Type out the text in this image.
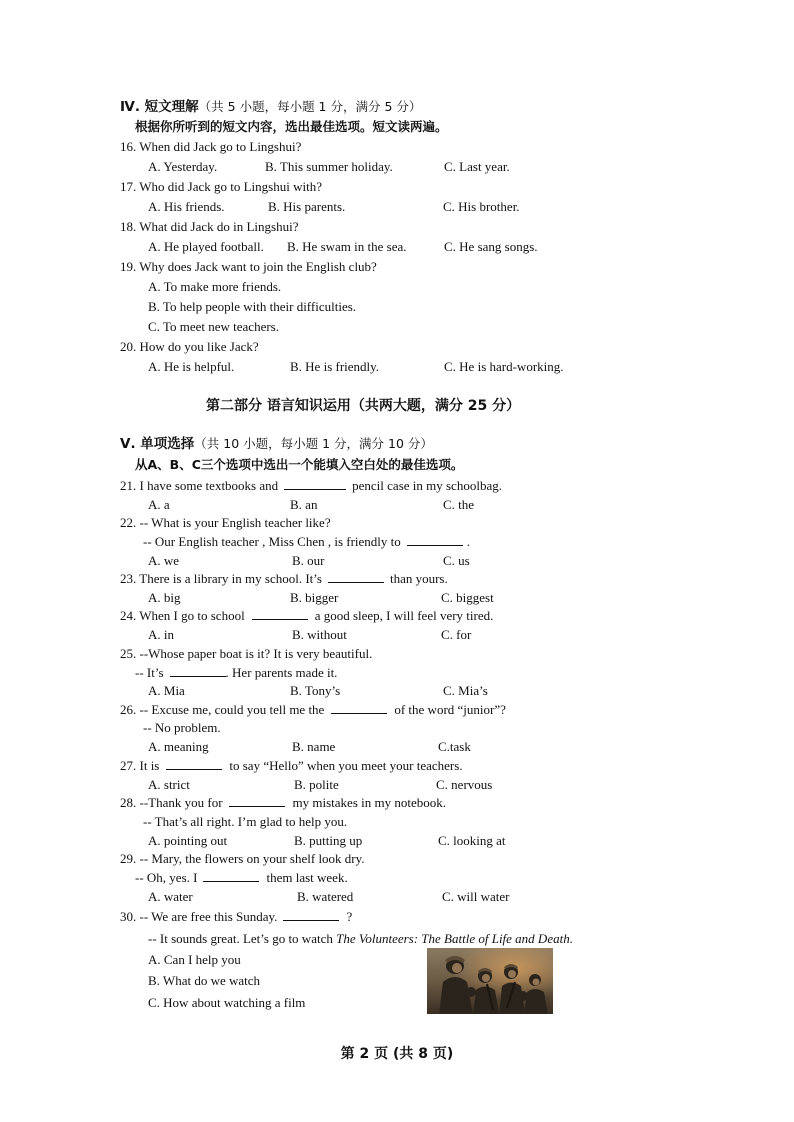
Ⅳ. 短文理解（共 5 小题，每小题 1 分，满分 5 分）
根据你所听到的短文内容，选出最佳选项。短文读两遍。
16. When did Jack go to Lingshui?
A. Yesterday.	B. This summer holiday.	C. Last year.
17. Who did Jack go to Lingshui with?
A. His friends.	B. His parents.	C. His brother.
18. What did Jack do in Lingshui?
A. He played football. B. He swam in the sea.	C. He sang songs.
19. Why does Jack want to join the English club?
A. To make more friends.
B. To help people with their difficulties.
C. To meet new teachers.
20. How do you like Jack?
A. He is helpful.	B. He is friendly.	C. He is hard-working.
第二部分 语言知识运用（共两大题，满分 25 分）
Ⅴ. 单项选择（共 10 小题，每小题 1 分，满分 10 分）
从A、B、C三个选项中选出一个能填入空白处的最佳选项。
21. I have some textbooks and	pencil case in my schoolbag.
A. a	B. an	C. the
22. -- What is your English teacher like?
-- Our English teacher , Miss Chen , is friendly to	.
A. we	B. our	C. us
23. There is a library in my school. It’s	than yours.
A. big	B. bigger	C. biggest
24. When I go to school	a good sleep, I will feel very tired.
A. in	B. without	C. for
25. --Whose paper boat is it? It is very beautiful.
-- It’s	. Her parents made it.
A. Mia	B. Tony’s	C. Mia’s
26. -- Excuse me, could you tell me the	of the word “junior”?
-- No problem.
A. meaning	B. name	C.task
27. It is	to say “Hello” when you meet your teachers.
A. strict	B. polite	C. nervous
28. --Thank you for	my mistakes in my notebook.
-- That’s all right. I’m glad to help you.
A. pointing out	B. putting up	C. looking at
29. -- Mary, the flowers on your shelf look dry.
-- Oh, yes. I	them last week.
A. water	B. watered	C. will water
30. -- We are free this Sunday.	?
-- It sounds great. Let’s go to watch The Volunteers: The Battle of Life and Death.
A. Can I help you
B. What do we watch
C. How about watching a film
第 2 页 (共 8 页)
